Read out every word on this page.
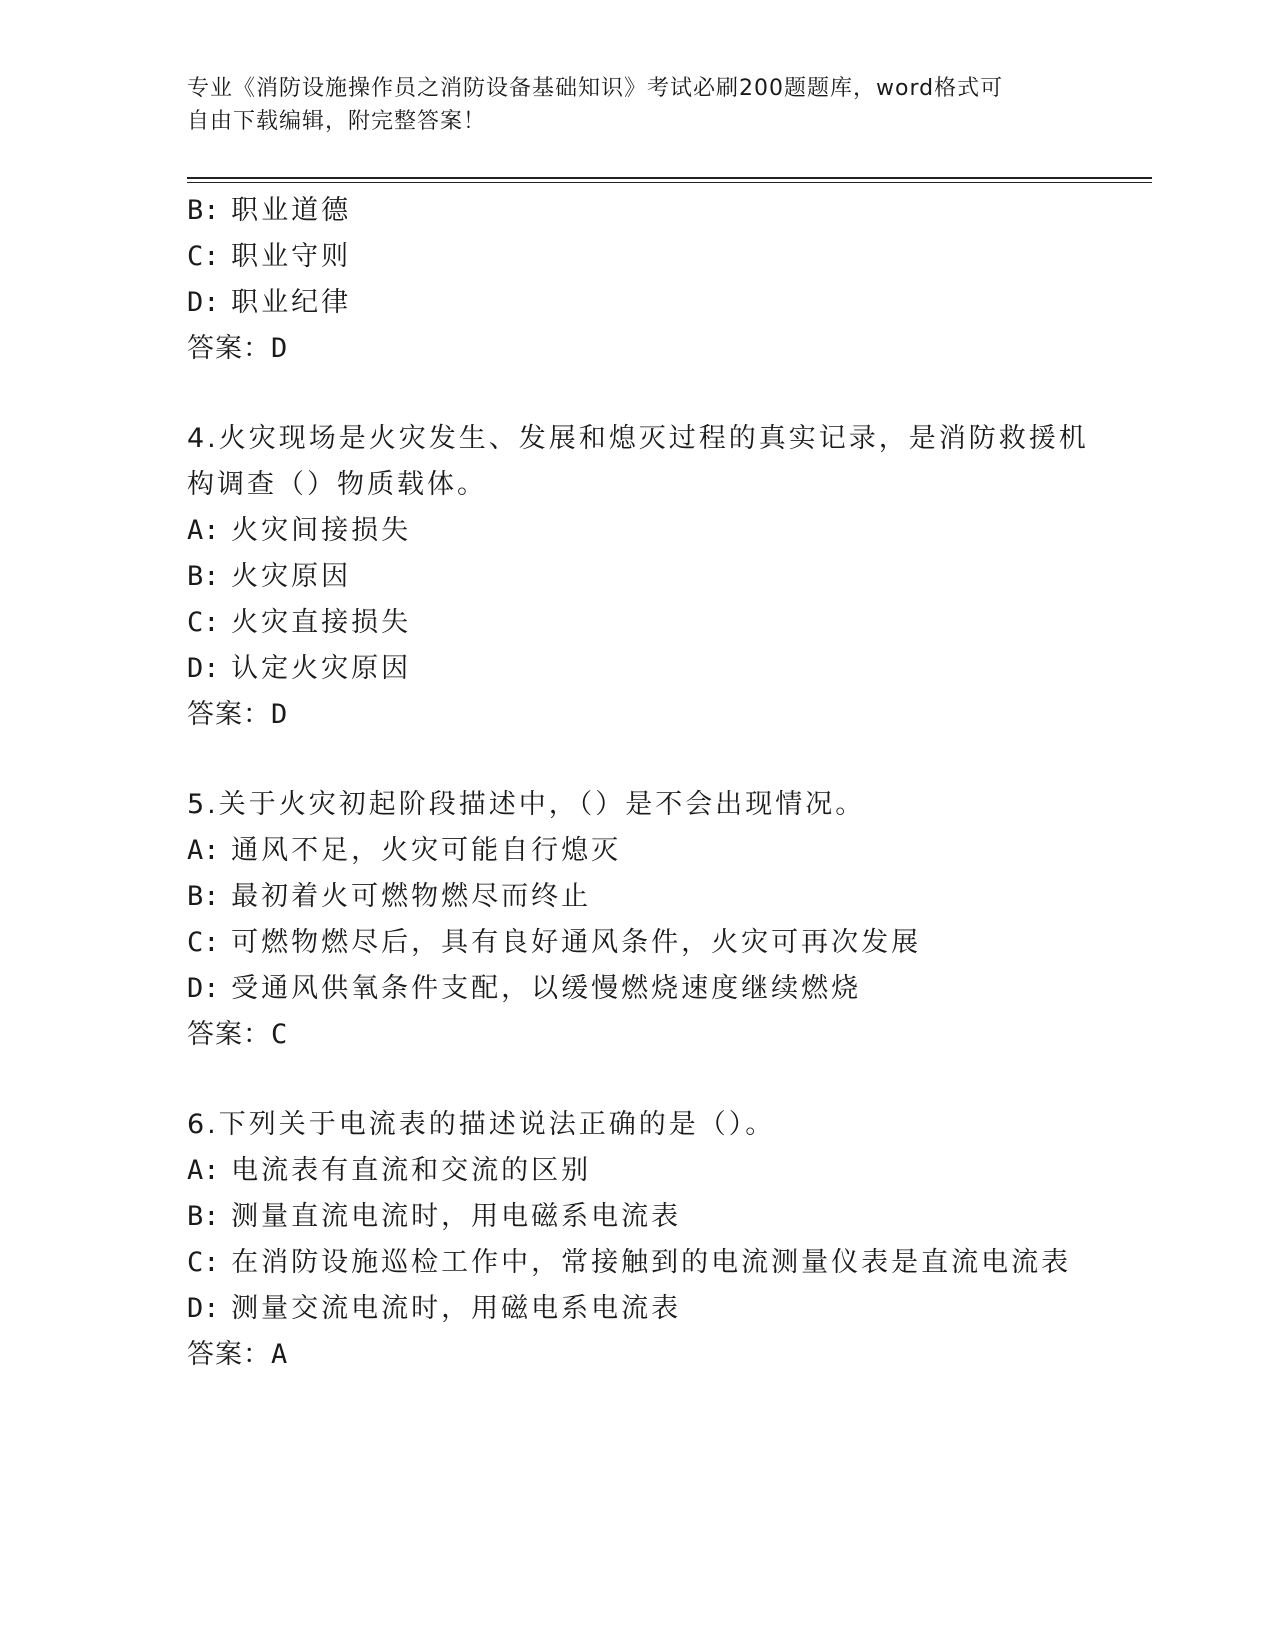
专业《消防设施操作员之消防设备基础知识》考试必刷200题题库，word格式可
自由下载编辑，附完整答案！
B: 职业道德
C: 职业守则
D: 职业纪律
答案：D
4.火灾现场是火灾发生、发展和熄灭过程的真实记录，是消防救援机
构调查（）物质载体。
A: 火灾间接损失
B: 火灾原因
C: 火灾直接损失
D: 认定火灾原因
答案：D
5.关于火灾初起阶段描述中，（）是不会出现情况。
A: 通风不足，火灾可能自行熄灭
B: 最初着火可燃物燃尽而终止
C: 可燃物燃尽后，具有良好通风条件，火灾可再次发展
D: 受通风供氧条件支配，以缓慢燃烧速度继续燃烧
答案：C
6.下列关于电流表的描述说法正确的是（）。
A: 电流表有直流和交流的区别
B: 测量直流电流时，用电磁系电流表
C: 在消防设施巡检工作中，常接触到的电流测量仪表是直流电流表
D: 测量交流电流时，用磁电系电流表
答案：A
